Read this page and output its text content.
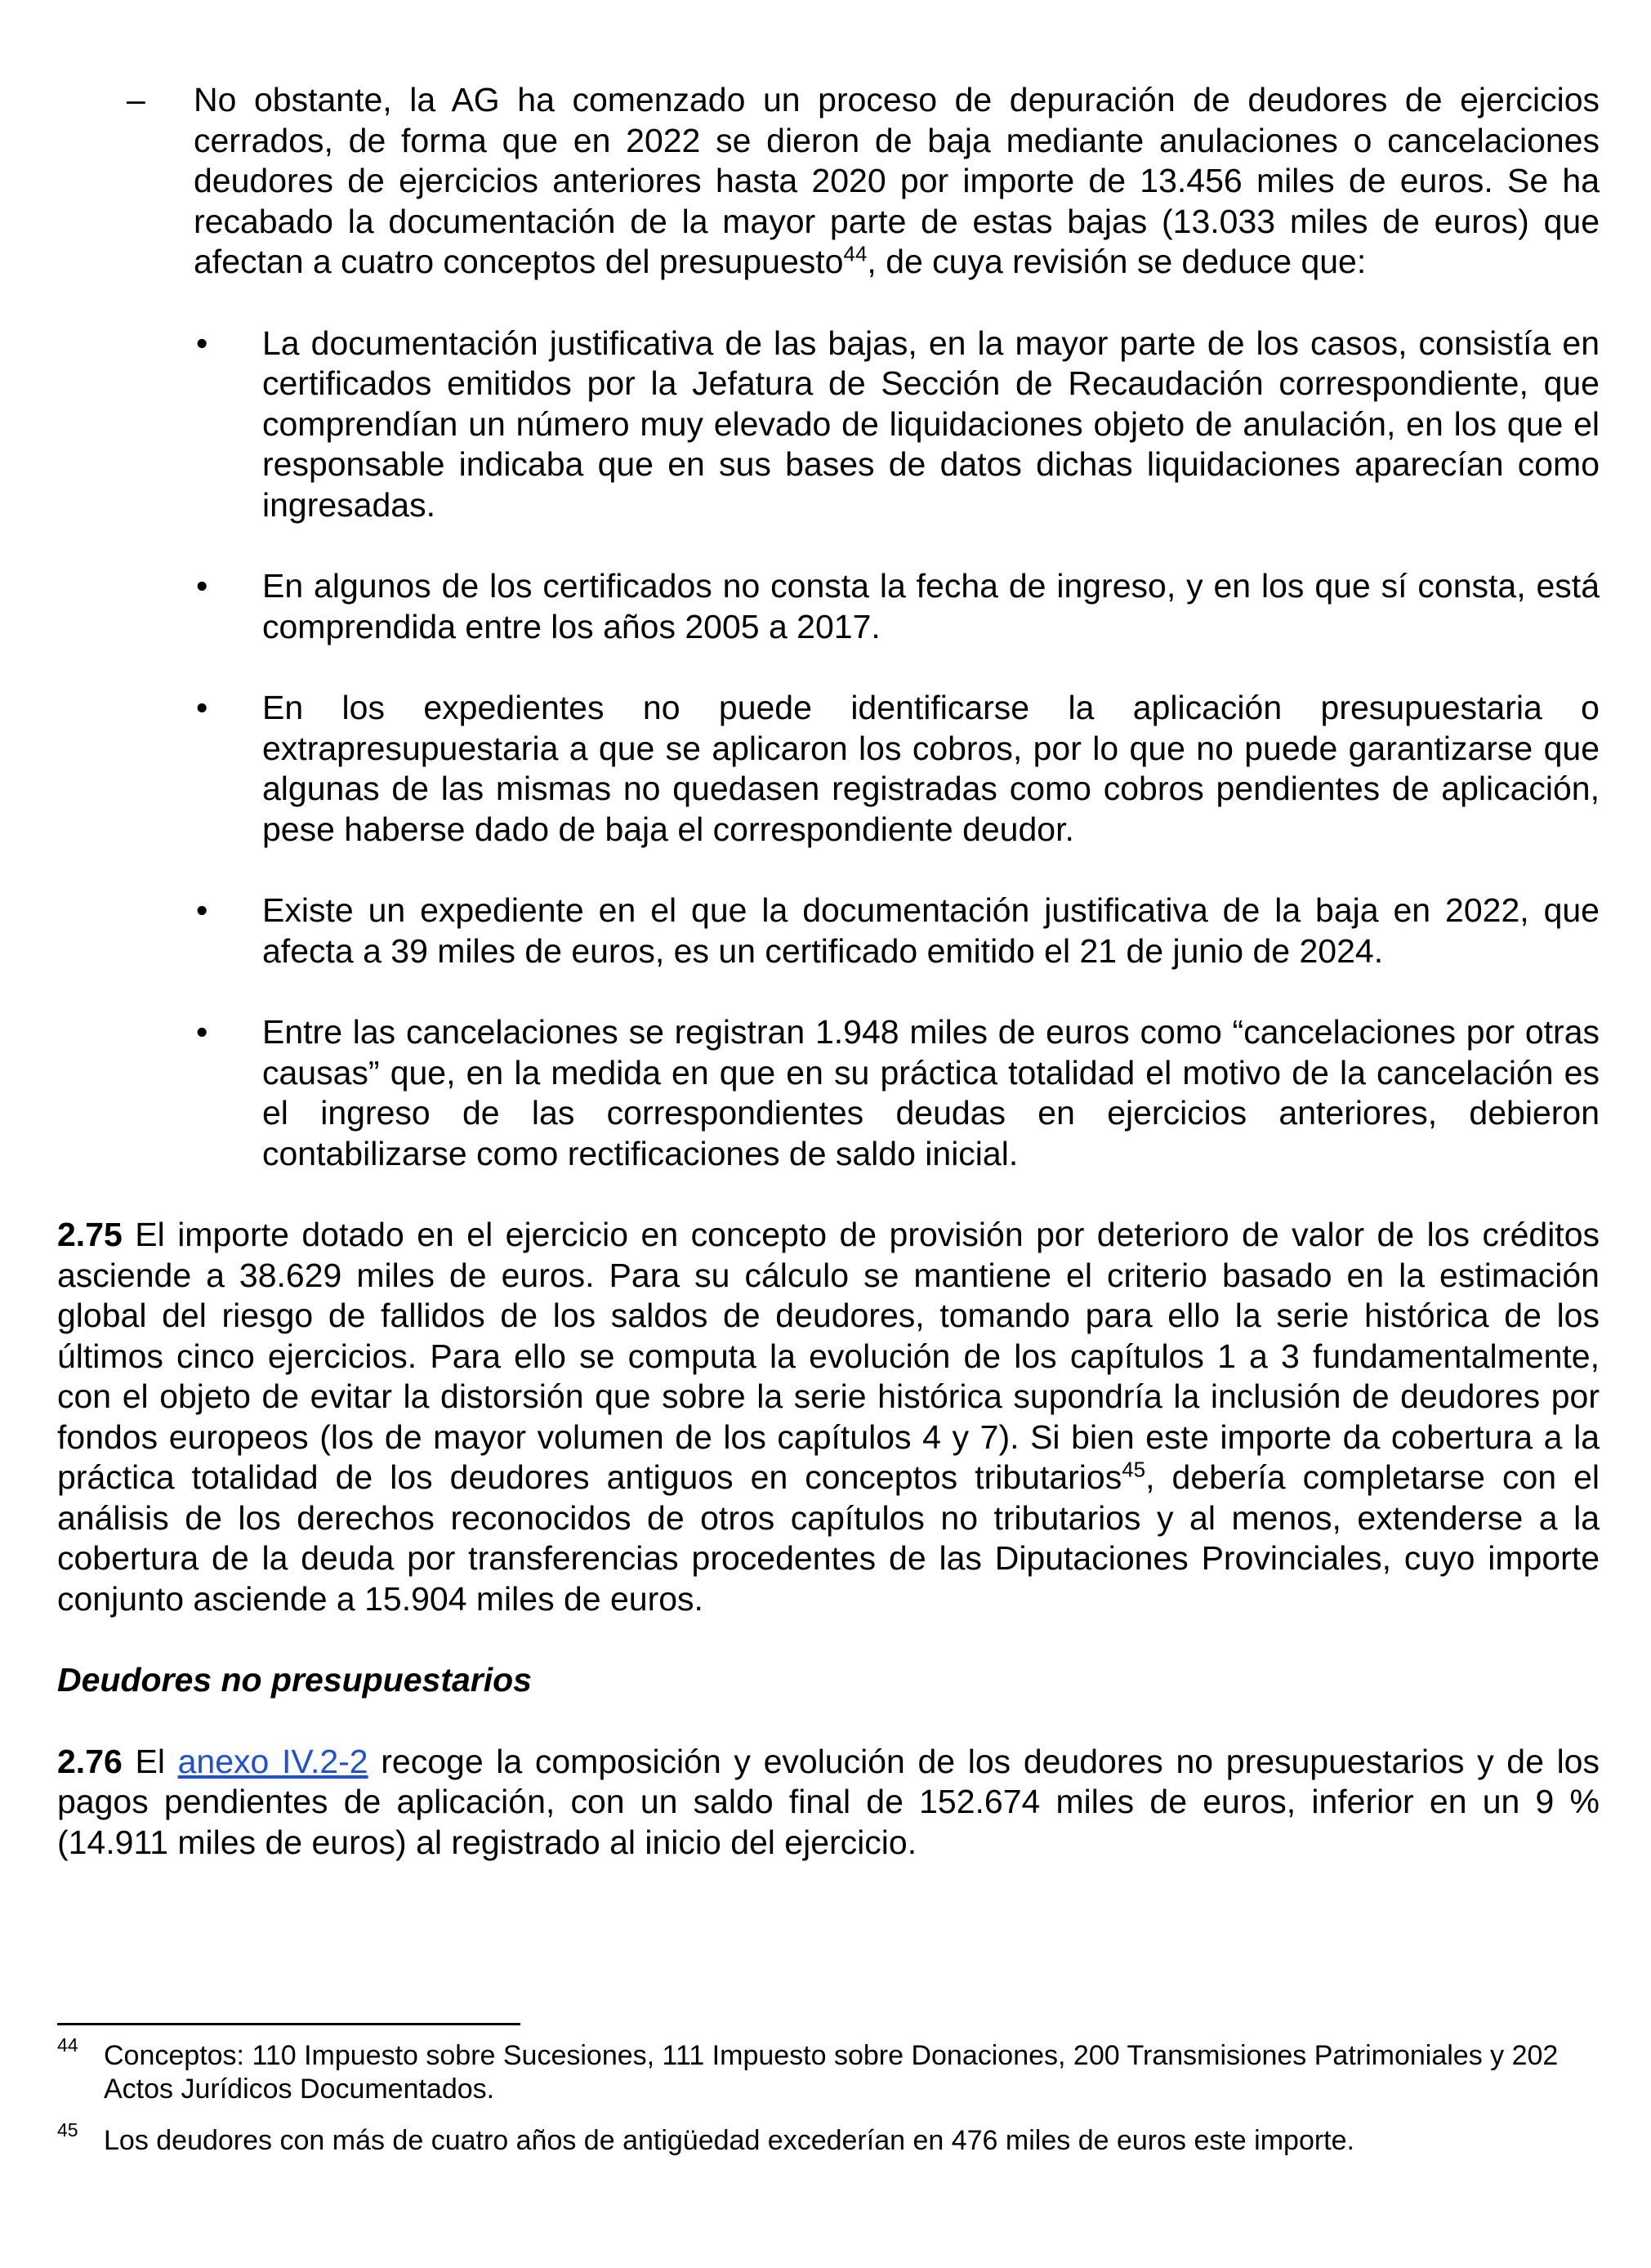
– No obstante, la AG ha comenzado un proceso de depuración de deudores de ejercicios cerrados, de forma que en 2022 se dieron de baja mediante anulaciones o cancelaciones deudores de ejercicios anteriores hasta 2020 por importe de 13.456 miles de euros. Se ha recabado la documentación de la mayor parte de estas bajas (13.033 miles de euros) que afectan a cuatro conceptos del presupuesto$^{44}$, de cuya revisión se deduce que:

• La documentación justificativa de las bajas, en la mayor parte de los casos, consistía en certificados emitidos por la Jefatura de Sección de Recaudación correspondiente, que comprendían un número muy elevado de liquidaciones objeto de anulación, en los que el responsable indicaba que en sus bases de datos dichas liquidaciones aparecían como ingresadas.

• En algunos de los certificados no consta la fecha de ingreso, y en los que sí consta, está comprendida entre los años 2005 a 2017.

• En los expedientes no puede identificarse la aplicación presupuestaria o extrapresupuestaria a que se aplicaron los cobros, por lo que no puede garantizarse que algunas de las mismas no quedasen registradas como cobros pendientes de aplicación, pese haberse dado de baja el correspondiente deudor.

• Existe un expediente en el que la documentación justificativa de la baja en 2022, que afecta a 39 miles de euros, es un certificado emitido el 21 de junio de 2024.

• Entre las cancelaciones se registran 1.948 miles de euros como “cancelaciones por otras causas” que, en la medida en que en su práctica totalidad el motivo de la cancelación es el ingreso de las correspondientes deudas en ejercicios anteriores, debieron contabilizarse como rectificaciones de saldo inicial.

2.75 El importe dotado en el ejercicio en concepto de provisión por deterioro de valor de los créditos asciende a 38.629 miles de euros. Para su cálculo se mantiene el criterio basado en la estimación global del riesgo de fallidos de los saldos de deudores, tomando para ello la serie histórica de los últimos cinco ejercicios. Para ello se computa la evolución de los capítulos 1 a 3 fundamentalmente, con el objeto de evitar la distorsión que sobre la serie histórica supondría la inclusión de deudores por fondos europeos (los de mayor volumen de los capítulos 4 y 7). Si bien este importe da cobertura a la práctica totalidad de los deudores antiguos en conceptos tributarios$^{45}$, debería completarse con el análisis de los derechos reconocidos de otros capítulos no tributarios y al menos, extenderse a la cobertura de la deuda por transferencias procedentes de las Diputaciones Provinciales, cuyo importe conjunto asciende a 15.904 miles de euros.

Deudores no presupuestarios

2.76 El anexo IV.2-2 recoge la composición y evolución de los deudores no presupuestarios y de los pagos pendientes de aplicación, con un saldo final de 152.674 miles de euros, inferior en un 9 % (14.911 miles de euros) al registrado al inicio del ejercicio.

44 Conceptos: 110 Impuesto sobre Sucesiones, 111 Impuesto sobre Donaciones, 200 Transmisiones Patrimoniales y 202 Actos Jurídicos Documentados.
45 Los deudores con más de cuatro años de antigüedad excederían en 476 miles de euros este importe.
